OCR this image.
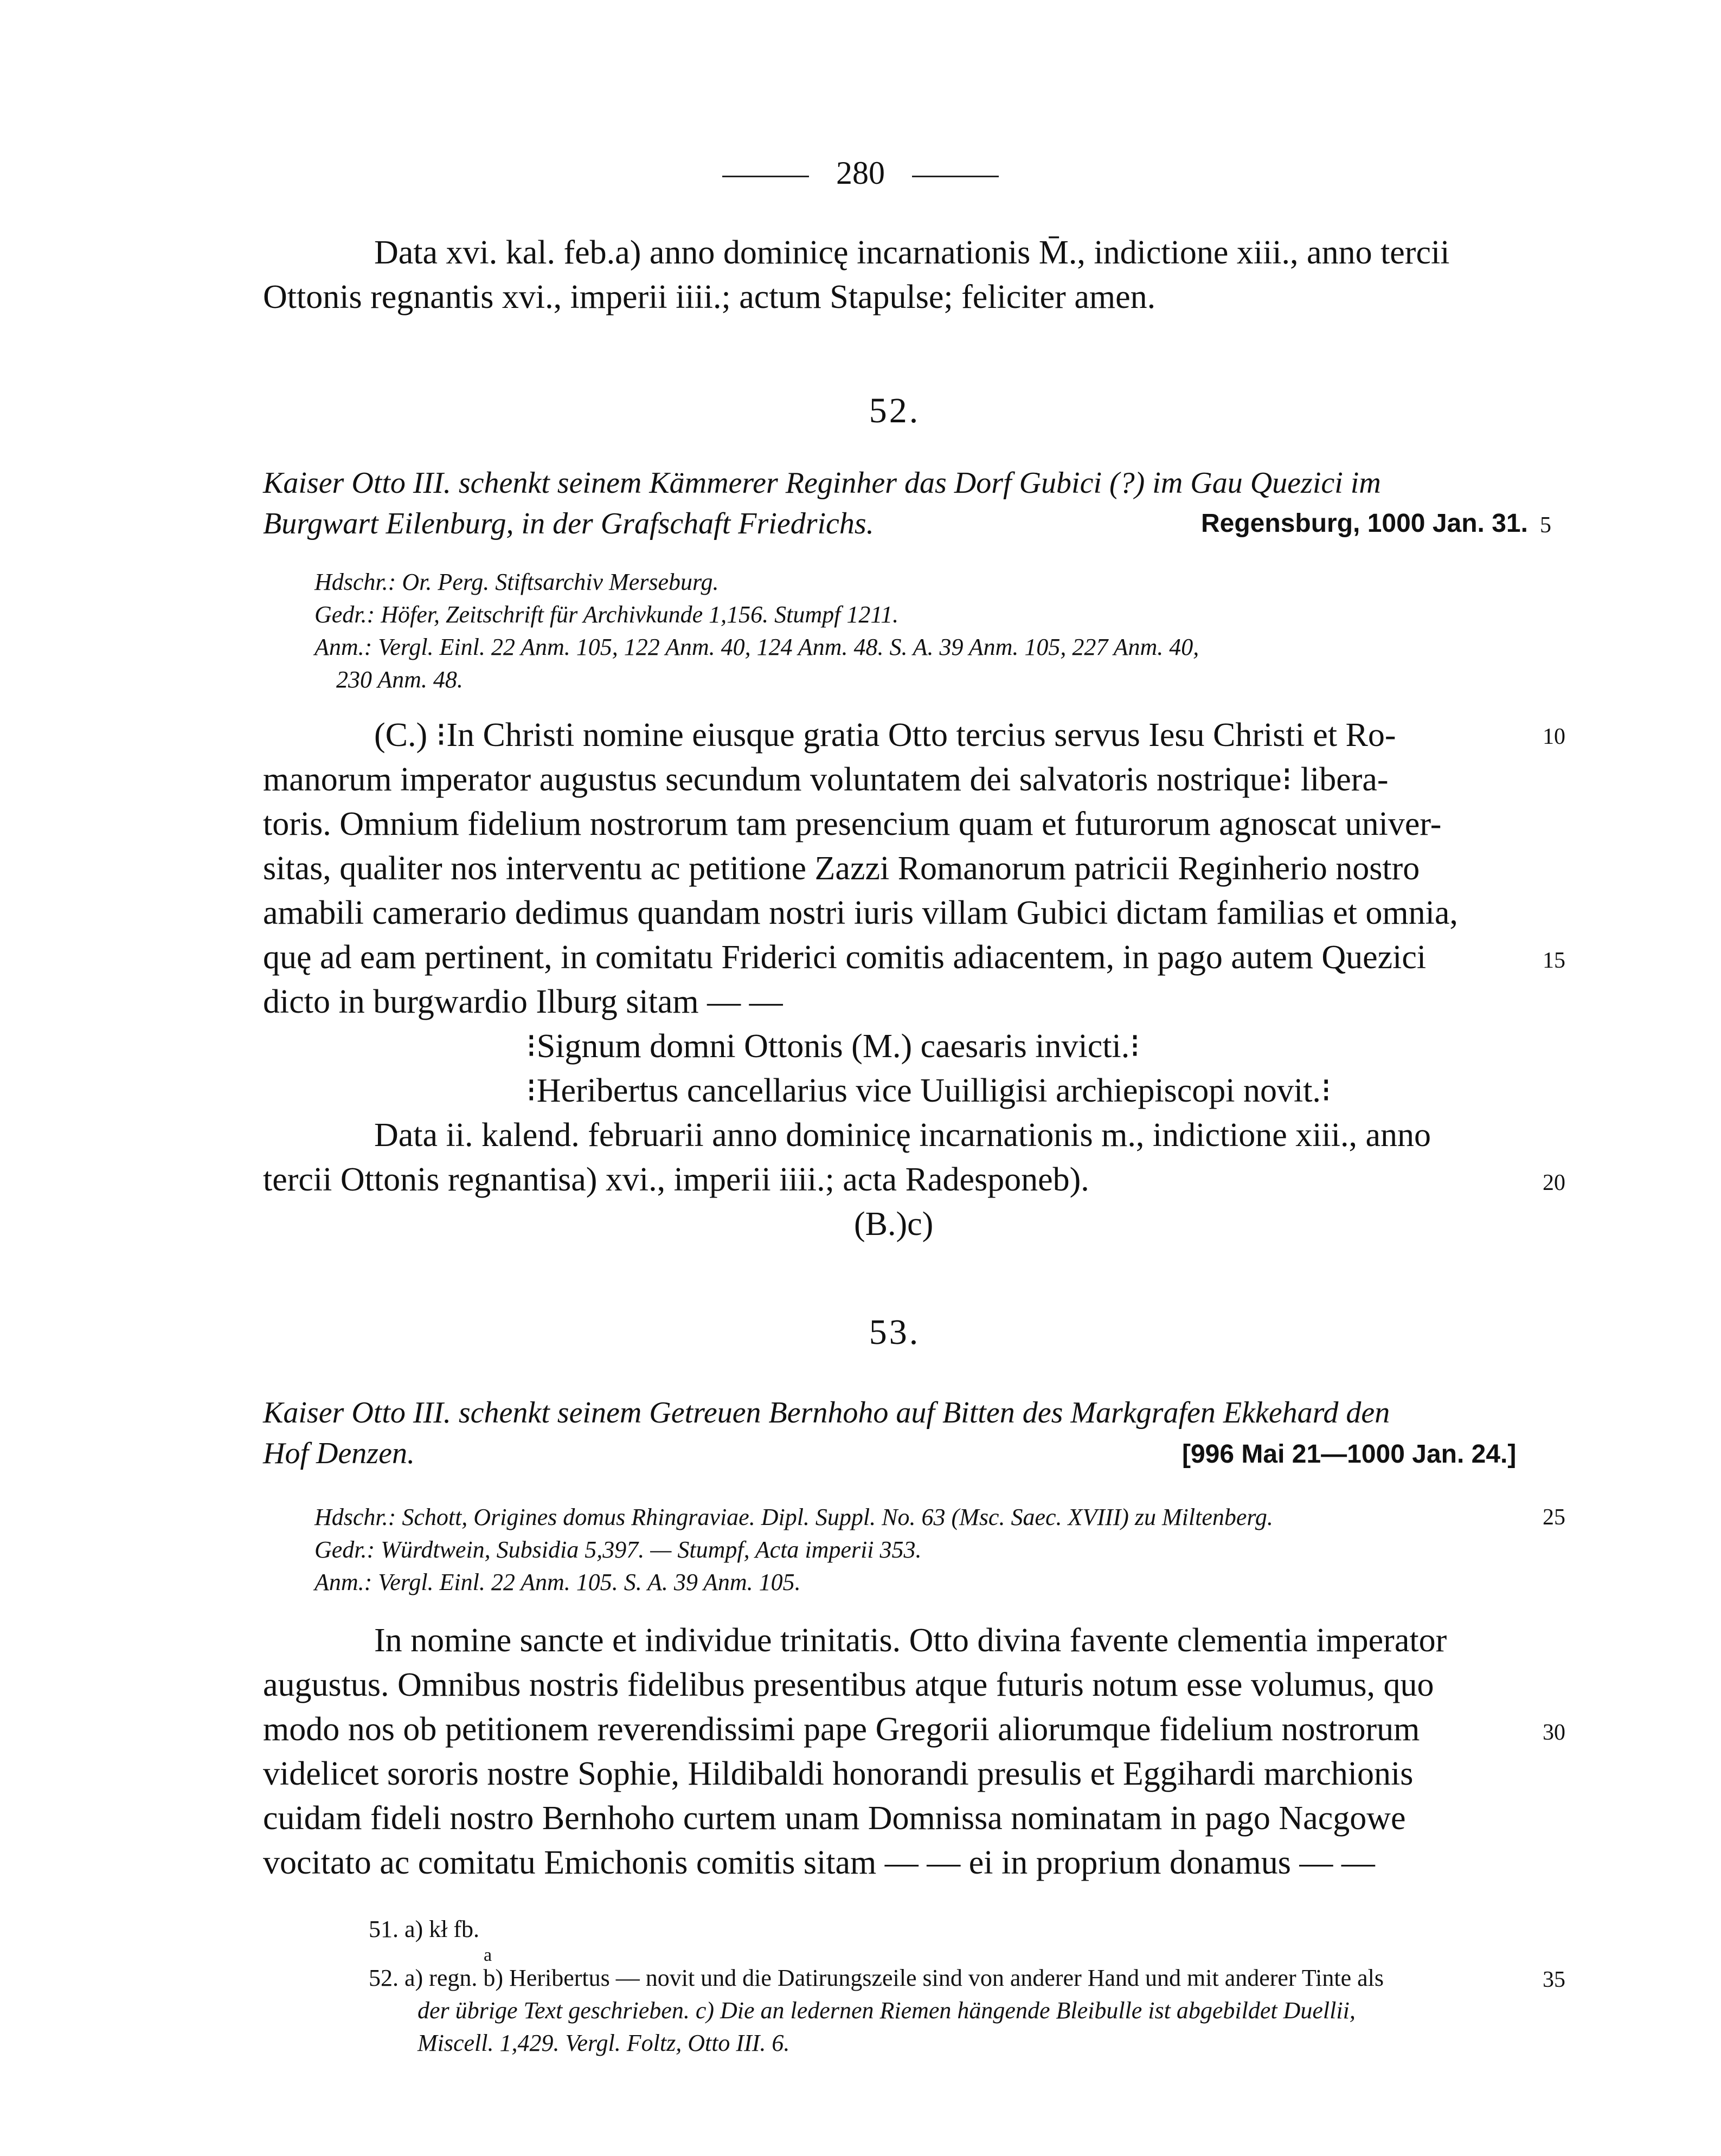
280
Data xvi. kal. feb.a) anno dominicę incarnationis M̄., indictione xiii., anno tercii
Ottonis regnantis xvi., imperii iiii.; actum Stapulse; feliciter amen.
52.
Kaiser Otto III. schenkt seinem Kämmerer Reginher das Dorf Gubici (?) im Gau Quezici im
Burgwart Eilenburg, in der Grafschaft Friedrichs.	Regensburg, 1000 Jan. 31. 5
Hdschr.: Or. Perg. Stiftsarchiv Merseburg.
Gedr.: Höfer, Zeitschrift für Archivkunde 1,156. Stumpf 1211.
Anm.: Vergl. Einl. 22 Anm. 105, 122 Anm. 40, 124 Anm. 48. S. A. 39 Anm. 105, 227 Anm. 40,
230 Anm. 48.
(C.) ⁝In Christi nomine eiusque gratia Otto tercius servus Iesu Christi et Ro-	10
manorum imperator augustus secundum voluntatem dei salvatoris nostrique⁝ libera-
toris. Omnium fidelium nostrorum tam presencium quam et futurorum agnoscat univer-
sitas, qualiter nos interventu ac petitione Zazzi Romanorum patricii Reginherio nostro
amabili camerario dedimus quandam nostri iuris villam Gubici dictam familias et omnia,
quę ad eam pertinent, in comitatu Friderici comitis adiacentem, in pago autem Quezici	15
dicto in burgwardio Ilburg sitam — —
⁝Signum domni Ottonis (M.) caesaris invicti.⁝
⁝Heribertus cancellarius vice Uuilligisi archiepiscopi novit.⁝
Data ii. kalend. februarii anno dominicę incarnationis m., indictione xiii., anno
tercii Ottonis regnantisa) xvi., imperii iiii.; acta Radesponeb).	20
(B.)c)
53.
Kaiser Otto III. schenkt seinem Getreuen Bernhoho auf Bitten des Markgrafen Ekkehard den
Hof Denzen.	[996 Mai 21—1000 Jan. 24.]
Hdschr.: Schott, Origines domus Rhingraviae. Dipl. Suppl. No. 63 (Msc. Saec. XVIII) zu Miltenberg.	25
Gedr.: Würdtwein, Subsidia 5,397. — Stumpf, Acta imperii 353.
Anm.: Vergl. Einl. 22 Anm. 105. S. A. 39 Anm. 105.
In nomine sancte et individue trinitatis. Otto divina favente clementia imperator
augustus. Omnibus nostris fidelibus presentibus atque futuris notum esse volumus, quo
modo nos ob petitionem reverendissimi pape Gregorii aliorumque fidelium nostrorum	30
videlicet sororis nostre Sophie, Hildibaldi honorandi presulis et Eggihardi marchionis
cuidam fideli nostro Bernhoho curtem unam Domnissa nominatam in pago Nacgowe
vocitato ac comitatu Emichonis comitis sitam — — ei in proprium donamus — —
51. a) kł fb.
a
52. a) regn. b) Heribertus — novit und die Datirungszeile sind von anderer Hand und mit anderer Tinte als	35
der übrige Text geschrieben. c) Die an ledernen Riemen hängende Bleibulle ist abgebildet Duellii,
Miscell. 1,429. Vergl. Foltz, Otto III. 6.
